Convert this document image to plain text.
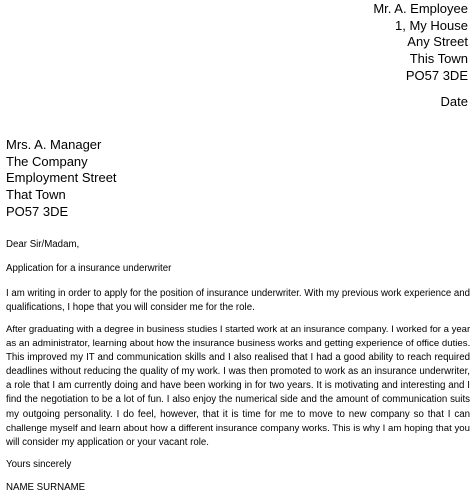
Mr. A. Employee
1, My House
Any Street
This Town
PO57 3DE
Date
Mrs. A. Manager
The Company
Employment Street
That Town
PO57 3DE
Dear Sir/Madam,
Application for a insurance underwriter
I am writing in order to apply for the position of insurance underwriter. With my previous work experience and
qualifications, I hope that you will consider me for the role.
After graduating with a degree in business studies I started work at an insurance company. I worked for a year
as an administrator, learning about how the insurance business works and getting experience of office duties.
This improved my IT and communication skills and I also realised that I had a good ability to reach required
deadlines without reducing the quality of my work. I was then promoted to work as an insurance underwriter,
a role that I am currently doing and have been working in for two years. It is motivating and interesting and I
find the negotiation to be a lot of fun. I also enjoy the numerical side and the amount of communication suits
my outgoing personality. I do feel, however, that it is time for me to move to new company so that I can
challenge myself and learn about how a different insurance company works. This is why I am hoping that you
will consider my application or your vacant role.
Yours sincerely
NAME SURNAME
